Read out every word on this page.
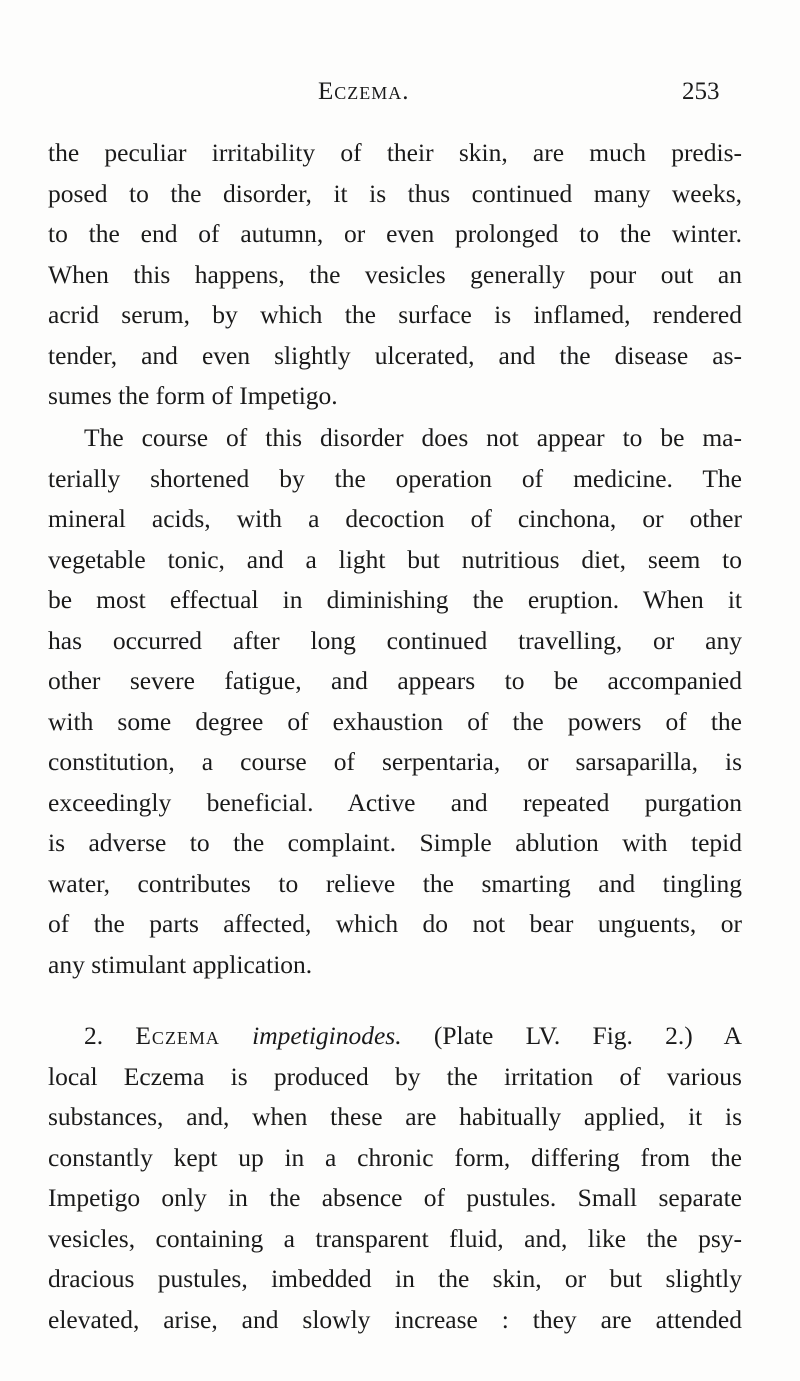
Eczema.	253
the peculiar irritability of their skin, are much predis-
posed to the disorder, it is thus continued many weeks,
to the end of autumn, or even prolonged to the winter.
When this happens, the vesicles generally pour out an
acrid serum, by which the surface is inflamed, rendered
tender, and even slightly ulcerated, and the disease as-
sumes the form of Impetigo.
The course of this disorder does not appear to be ma-
terially shortened by the operation of medicine. The
mineral acids, with a decoction of cinchona, or other
vegetable tonic, and a light but nutritious diet, seem to
be most effectual in diminishing the eruption. When it
has occurred after long continued travelling, or any
other severe fatigue, and appears to be accompanied
with some degree of exhaustion of the powers of the
constitution, a course of serpentaria, or sarsaparilla, is
exceedingly beneficial. Active and repeated purgation
is adverse to the complaint. Simple ablution with tepid
water, contributes to relieve the smarting and tingling
of the parts affected, which do not bear unguents, or
any stimulant application.
2. Eczema impetiginodes. (Plate LV. Fig. 2.) A
local Eczema is produced by the irritation of various
substances, and, when these are habitually applied, it is
constantly kept up in a chronic form, differing from the
Impetigo only in the absence of pustules. Small separate
vesicles, containing a transparent fluid, and, like the psy-
dracious pustules, imbedded in the skin, or but slightly
elevated, arise, and slowly increase : they are attended
